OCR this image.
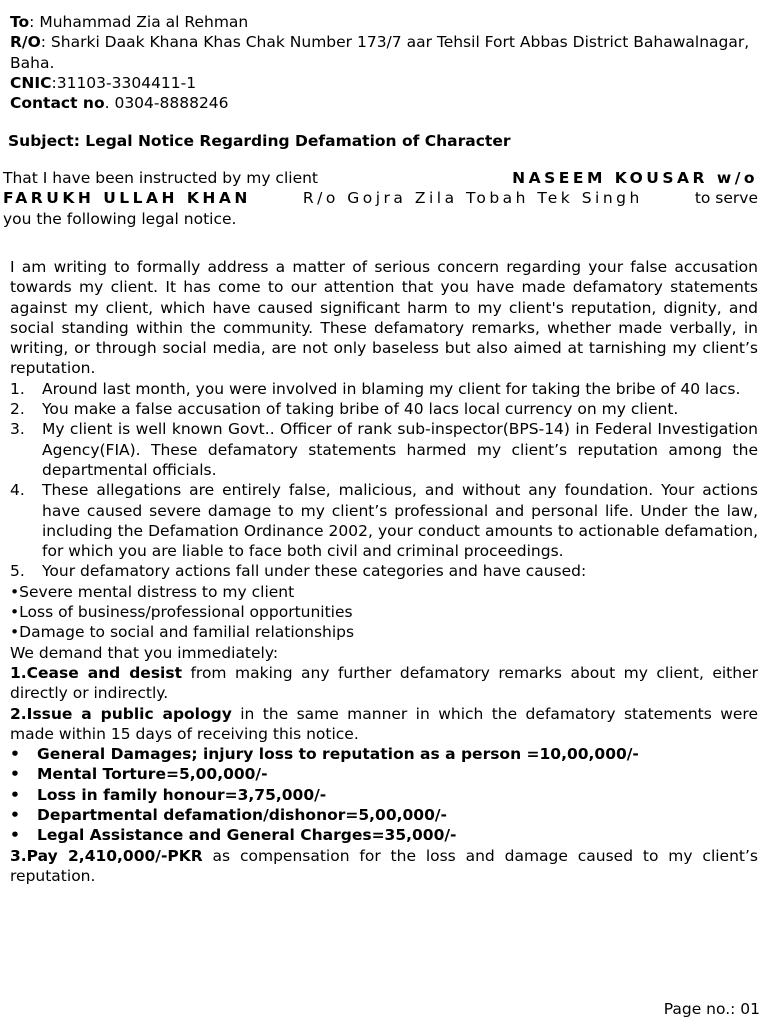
To: Muhammad Zia al Rehman
R/O: Sharki Daak Khana Khas Chak Number 173/7 aar Tehsil Fort Abbas District Bahawalnagar, Baha.
CNIC:31103-3304411-1
Contact no. 0304-8888246
Subject: Legal Notice Regarding Defamation of Character
That I have been instructed by my client	NASEEM KOUSAR w/o
FARUKH ULLAH KHAN	R/o Gojra Zila Tobah Tek Singh	to serve
you the following legal notice.
I am writing to formally address a matter of serious concern regarding your false accusation towards my client. It has come to our attention that you have made defamatory statements against my client, which have caused significant harm to my client's reputation, dignity, and social standing within the community. These defamatory remarks, whether made verbally, in writing, or through social media, are not only baseless but also aimed at tarnishing my client’s reputation.
1.	Around last month, you were involved in blaming my client for taking the bribe of 40 lacs.
2.	You make a false accusation of taking bribe of 40 lacs local currency on my client.
3.	My client is well known Govt.. Officer of rank sub-inspector(BPS-14) in Federal Investigation Agency(FIA). These defamatory statements harmed my client’s reputation among the departmental officials.
4.	These allegations are entirely false, malicious, and without any foundation. Your actions have caused severe damage to my client’s professional and personal life. Under the law, including the Defamation Ordinance 2002, your conduct amounts to actionable defamation, for which you are liable to face both civil and criminal proceedings.
5.	Your defamatory actions fall under these categories and have caused:
•Severe mental distress to my client
•Loss of business/professional opportunities
•Damage to social and familial relationships
We demand that you immediately:
1.Cease and desist from making any further defamatory remarks about my client, either directly or indirectly.
2.Issue a public apology in the same manner in which the defamatory statements were made within 15 days of receiving this notice.
•	General Damages; injury loss to reputation as a person =10,00,000/-
•	Mental Torture=5,00,000/-
•	Loss in family honour=3,75,000/-
•	Departmental defamation/dishonor=5,00,000/-
•	Legal Assistance and General Charges=35,000/-
3.Pay 2,410,000/-PKR as compensation for the loss and damage caused to my client’s reputation.
Page no.: 01
